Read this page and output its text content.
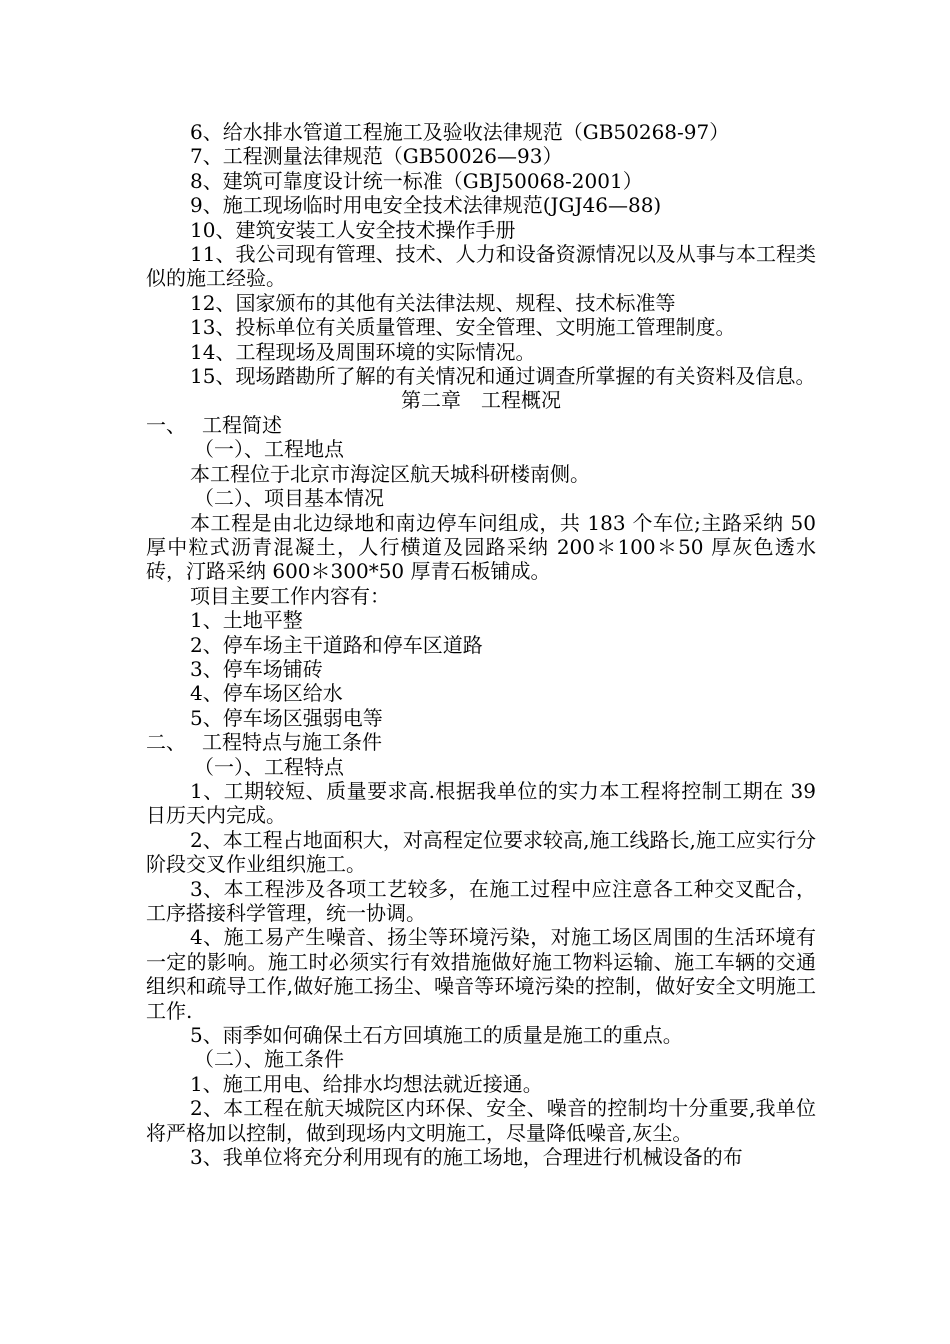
6、给水排水管道工程施工及验收法律规范（GB50268-97）

7、工程测量法律规范（GB50026—93）

8、建筑可靠度设计统一标准（GBJ50068-2001）

9、施工现场临时用电安全技术法律规范(JGJ46—88)

10、建筑安装工人安全技术操作手册

11、我公司现有管理、技术、人力和设备资源情况以及从事与本工程类似的施工经验。

12、国家颁布的其他有关法律法规、规程、技术标准等

13、投标单位有关质量管理、安全管理、文明施工管理制度。

14、工程现场及周围环境的实际情况。

15、现场踏勘所了解的有关情况和通过调查所掌握的有关资料及信息。

第二章　工程概况

一、 工程简述

（一）、工程地点

本工程位于北京市海淀区航天城科研楼南侧。

（二）、项目基本情况

本工程是由北边绿地和南边停车问组成，共 183 个车位;主路采纳 50 厚中粒式沥青混凝土，人行横道及园路采纳 200＊100＊50 厚灰色透水砖，汀路采纳 600＊300*50 厚青石板铺成。

项目主要工作内容有：

1、土地平整

2、停车场主干道路和停车区道路

3、停车场铺砖

4、停车场区给水

5、停车场区强弱电等

二、 工程特点与施工条件

（一）、工程特点

1、工期较短、质量要求高.根据我单位的实力本工程将控制工期在 39 日历天内完成。

2、本工程占地面积大，对高程定位要求较高,施工线路长,施工应实行分阶段交叉作业组织施工。

3、本工程涉及各项工艺较多，在施工过程中应注意各工种交叉配合，工序搭接科学管理，统一协调。

4、施工易产生噪音、扬尘等环境污染，对施工场区周围的生活环境有一定的影响。施工时必须实行有效措施做好施工物料运输、施工车辆的交通组织和疏导工作,做好施工扬尘、噪音等环境污染的控制，做好安全文明施工工作.

5、雨季如何确保土石方回填施工的质量是施工的重点。

（二）、施工条件

1、施工用电、给排水均想法就近接通。

2、本工程在航天城院区内环保、安全、噪音的控制均十分重要,我单位将严格加以控制，做到现场内文明施工，尽量降低噪音,灰尘。

3、我单位将充分利用现有的施工场地，合理进行机械设备的布
